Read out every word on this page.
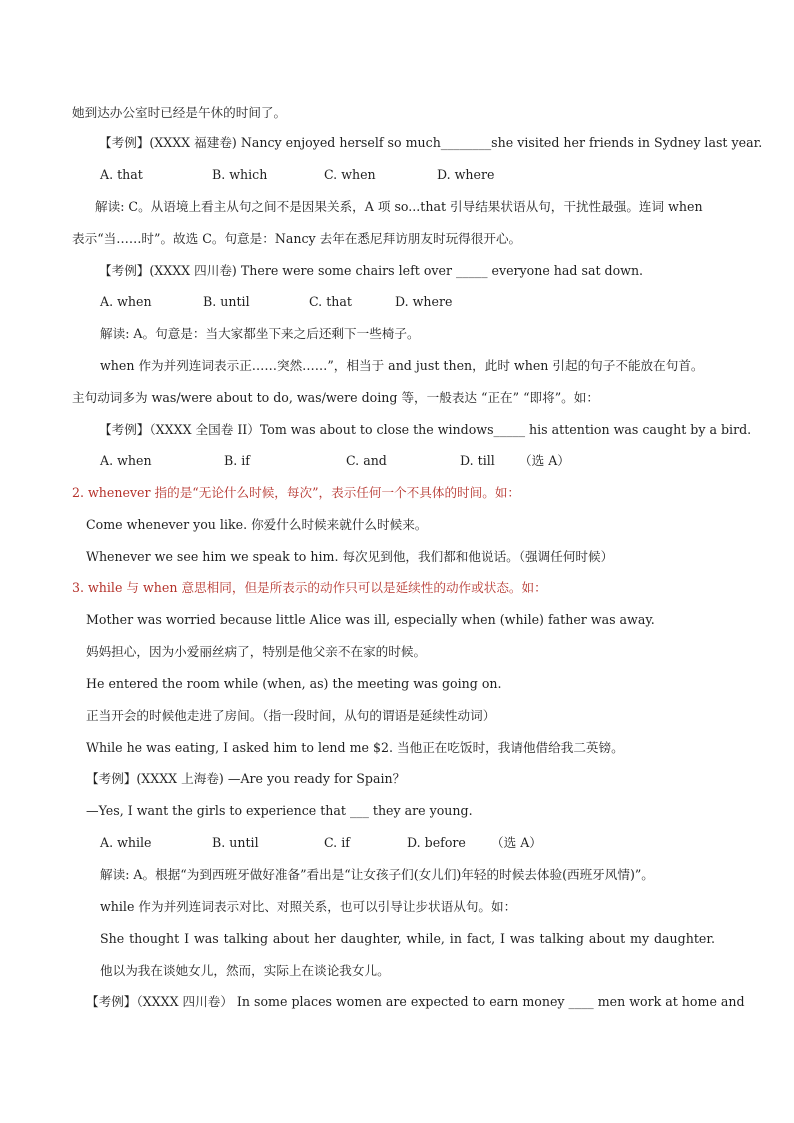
她到达办公室时已经是午休的时间了。
【考例】(XXXX 福建卷) Nancy enjoyed herself so much________she visited her friends in Sydney last year.
A. that	B. which	C. when	D. where
解读: C。从语境上看主从句之间不是因果关系，A 项 so...that 引导结果状语从句，干扰性最强。连词 when
表示“当……时”。故选 C。句意是：Nancy 去年在悉尼拜访朋友时玩得很开心。
【考例】(XXXX 四川卷) There were some chairs left over _____ everyone had sat down.
A. when	B. until	C. that	D. where
解读: A。句意是：当大家都坐下来之后还剩下一些椅子。
when 作为并列连词表示正……突然……”，相当于 and just then，此时 when 引起的句子不能放在句首。
主句动词多为 was/were about to do, was/were doing 等，一般表达 “正在” “即将”。如：
【考例】（XXXX 全国卷 II）Tom was about to close the windows_____ his attention was caught by a bird.
A. when	B. if	C. and	D. till （选 A）
2. whenever 指的是“无论什么时候，每次”，表示任何一个不具体的时间。如：
Come whenever you like. 你爱什么时候来就什么时候来。
Whenever we see him we speak to him. 每次见到他，我们都和他说话。（强调任何时候）
3. while 与 when 意思相同，但是所表示的动作只可以是延续性的动作或状态。如：
Mother was worried because little Alice was ill, especially when (while) father was away.
妈妈担心，因为小爱丽丝病了，特别是他父亲不在家的时候。
He entered the room while (when, as) the meeting was going on.
正当开会的时候他走进了房间。（指一段时间，从句的谓语是延续性动词）
While he was eating, I asked him to lend me $2. 当他正在吃饭时，我请他借给我二英镑。
【考例】(XXXX 上海卷) —Are you ready for Spain？
—Yes, I want the girls to experience that ___ they are young.
A. while	B. until	C. if	D. before （选 A）
解读: A。根据“为到西班牙做好准备”看出是“让女孩子们(女儿们)年轻的时候去体验(西班牙风情)”。
while 作为并列连词表示对比、对照关系，也可以引导让步状语从句。如：
She thought I was talking about her daughter, while, in fact, I was talking about my daughter.
他以为我在谈她女儿，然而，实际上在谈论我女儿。
【考例】（XXXX 四川卷） In some places women are expected to earn money ____ men work at home and
